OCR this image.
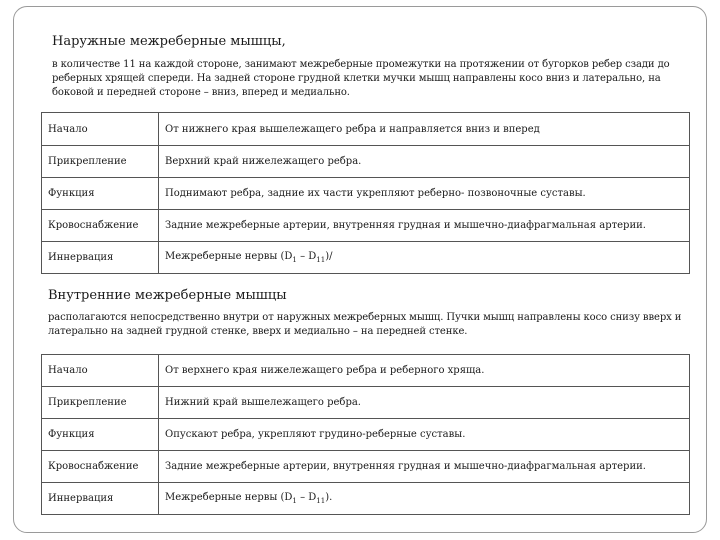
Наружные межреберные мышцы,
в количестве 11 на каждой стороне, занимают межреберные промежутки на протяжении от бугорков ребер сзади до
реберных хрящей спереди. На задней стороне грудной клетки мучки мышц направлены косо вниз и латерально, на
боковой и передней стороне – вниз, вперед и медиально.
Начало	От нижнего края вышележащего ребра и направляется вниз и вперед
Прикрепление	Верхний край нижележащего ребра.
Функция	Поднимают ребра, задние их части укрепляют реберно- позвоночные суставы.
Кровоснабжение	Задние межреберные артерии, внутренняя грудная и мышечно-диафрагмальная артерии.
Иннервация	Межреберные нервы $(D_1 - D_{11})/$
Внутренние межреберные мышцы
располагаются непосредственно внутри от наружных межреберных мышц. Пучки мышц направлены косо снизу вверх и
латерально на задней грудной стенке, вверх и медиально – на передней стенке.
Начало	От верхнего края нижележащего ребра и реберного хряща.
Прикрепление	Нижний край вышележащего ребра.
Функция	Опускают ребра, укрепляют грудино-реберные суставы.
Кровоснабжение	Задние межреберные артерии, внутренняя грудная и мышечно-диафрагмальная артерии.
Иннервация	Межреберные нервы $(D_1 - D_{11})$.
